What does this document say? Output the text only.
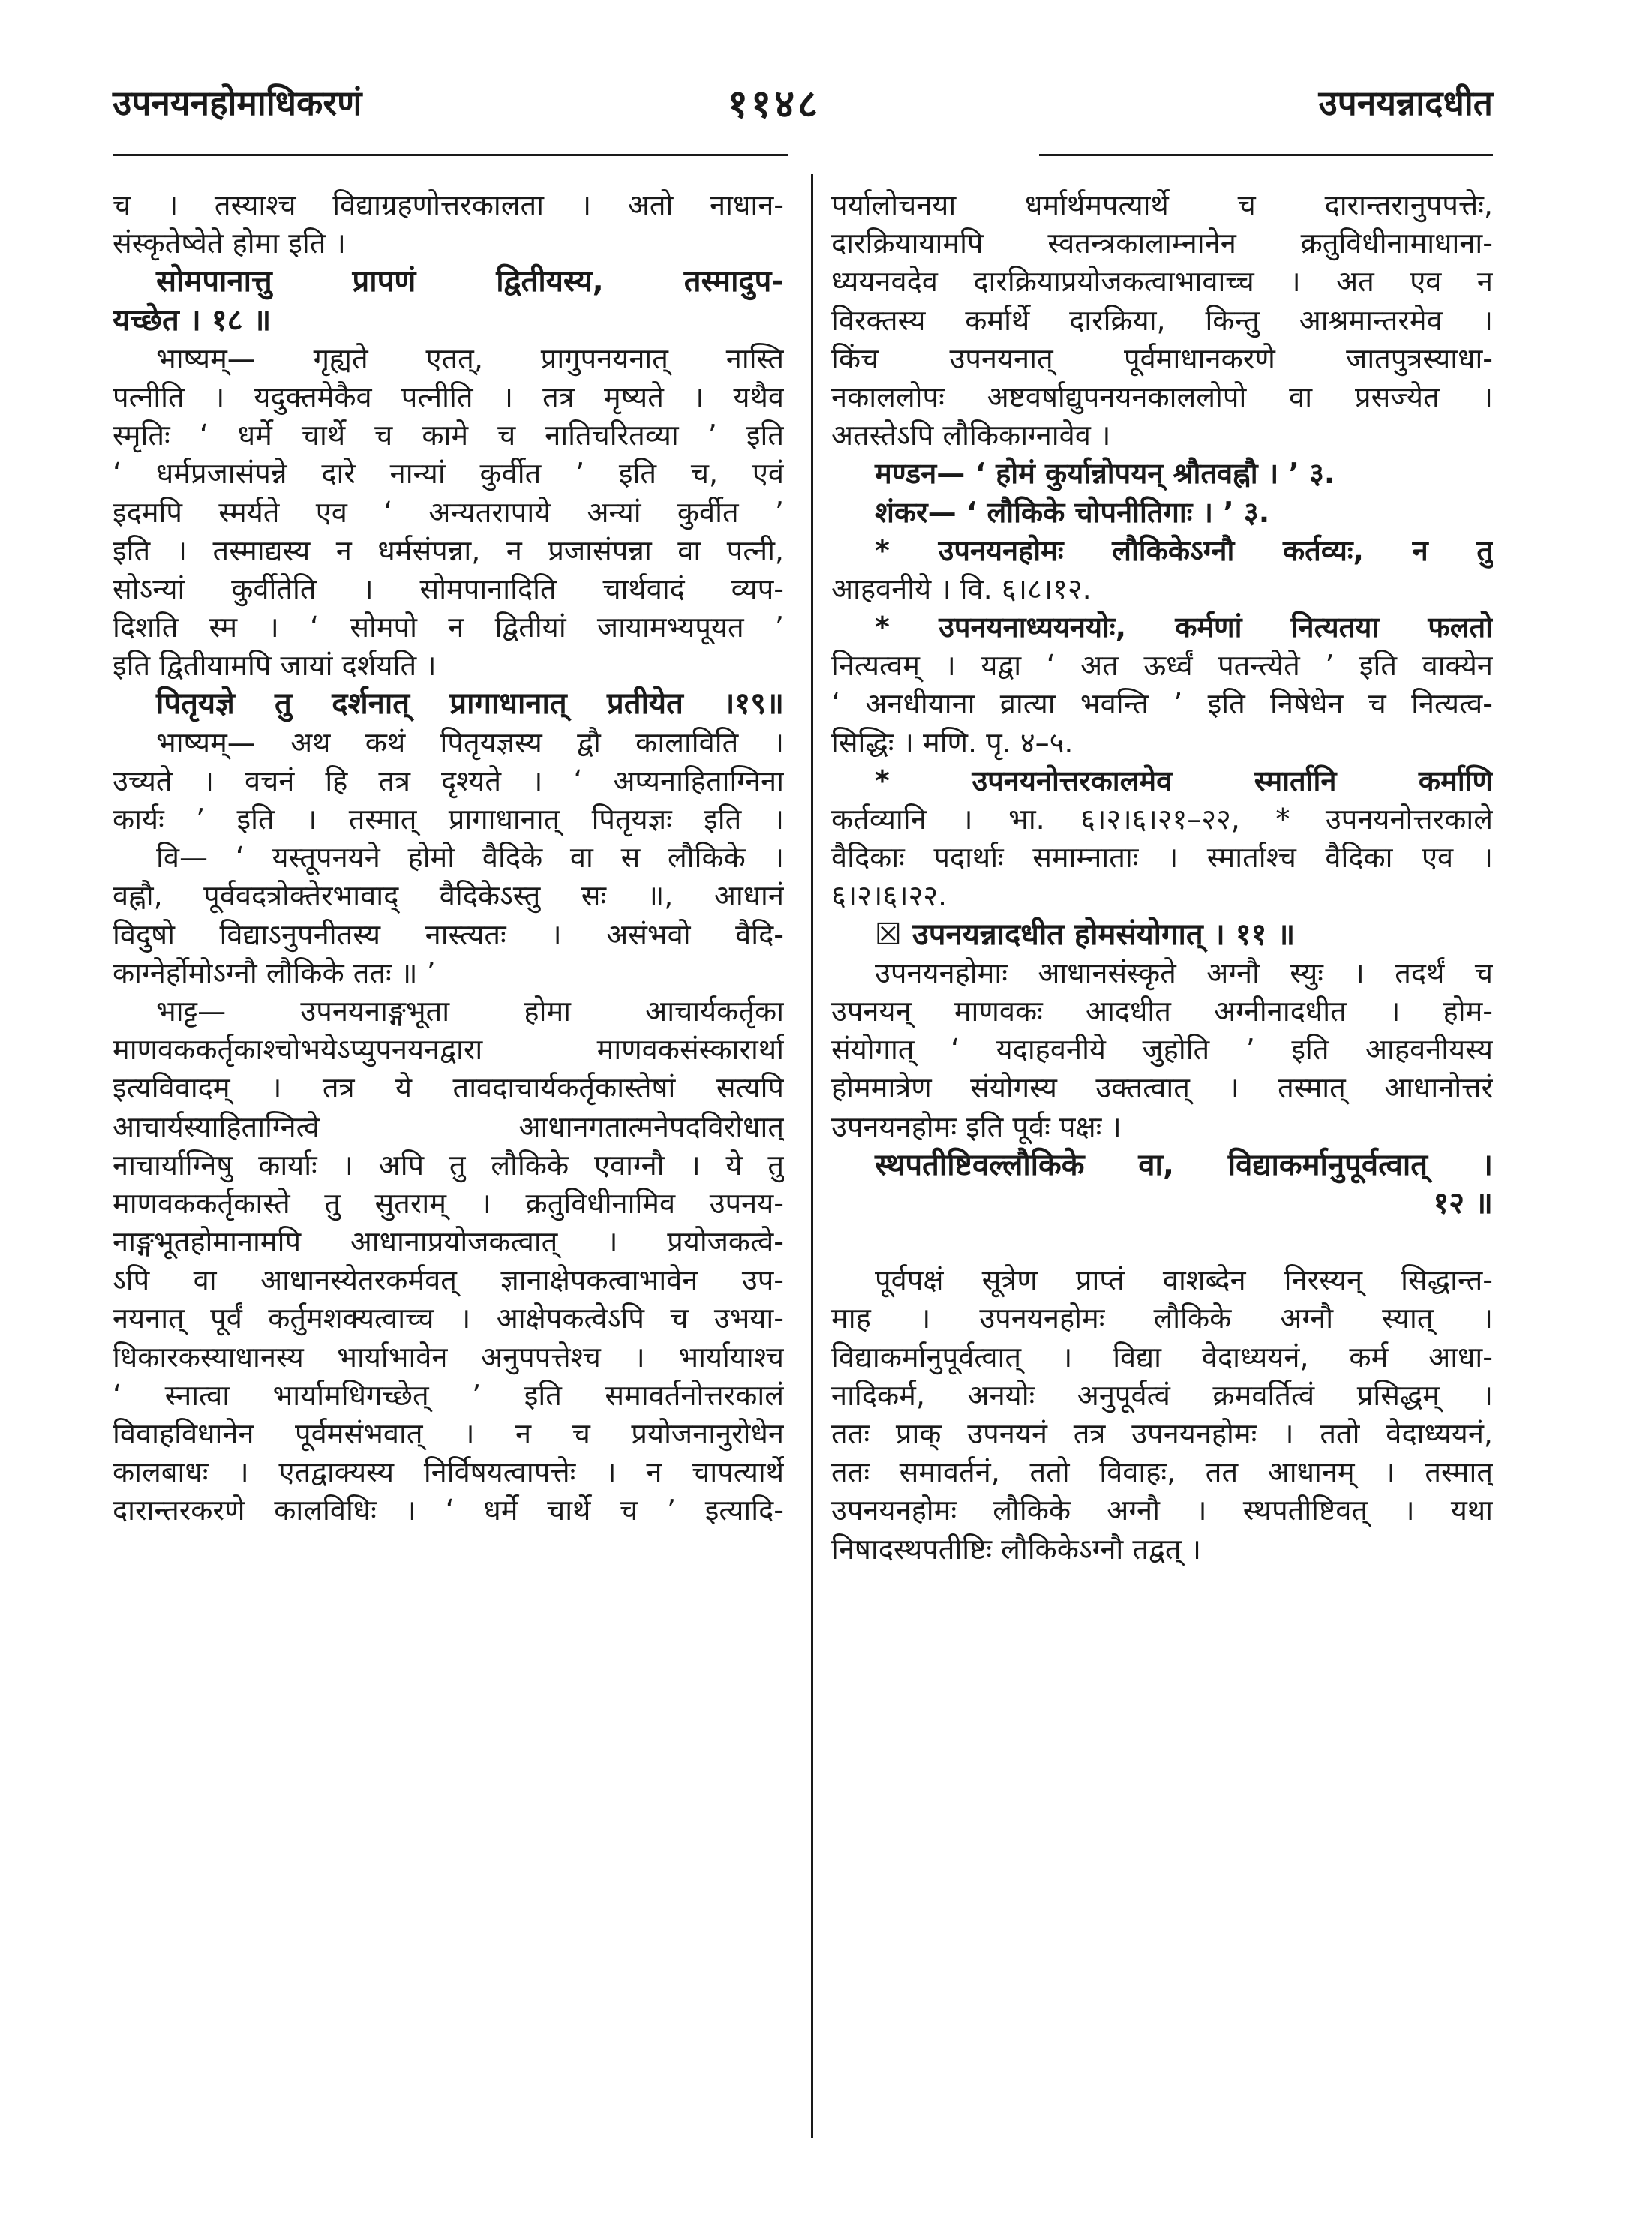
उपनयनहोमाधिकरणं	११४८	उपनयन्नादधीत
च । तस्याश्च विद्याग्रहणोत्तरकालता । अतो नाधान-
संस्कृतेष्वेते होमा इति ।
सोमपानात्तु प्रापणं द्वितीयस्य, तस्मादुप-
यच्छेत । १८ ॥
भाष्यम्— गृह्यते एतत्, प्रागुपनयनात् नास्ति
पत्नीति । यदुक्तमेकैव पत्नीति । तत्र मृष्यते । यथैव
स्मृतिः ‘ धर्मे चार्थे च कामे च नातिचरितव्या ’ इति
‘ धर्मप्रजासंपन्ने दारे नान्यां कुर्वीत ’ इति च, एवं
इदमपि स्मर्यते एव ‘ अन्यतरापाये अन्यां कुर्वीत ’
इति । तस्माद्यस्य न धर्मसंपन्ना, न प्रजासंपन्ना वा पत्नी,
सोऽन्यां कुर्वीतेति । सोमपानादिति चार्थवादं व्यप-
दिशति स्म । ‘ सोमपो न द्वितीयां जायामभ्यपूयत ’
इति द्वितीयामपि जायां दर्शयति ।
पितृयज्ञे तु दर्शनात् प्रागाधानात् प्रतीयेत ।१९॥
भाष्यम्— अथ कथं पितृयज्ञस्य द्वौ कालाविति ।
उच्यते । वचनं हि तत्र दृश्यते । ‘ अप्यनाहिताग्निना
कार्यः ’ इति । तस्मात् प्रागाधानात् पितृयज्ञः इति ।
वि— ‘ यस्तूपनयने होमो वैदिके वा स लौकिके ।
वह्नौ, पूर्ववदत्रोक्तेरभावाद् वैदिकेऽस्तु सः ॥, आधानं
विदुषो विद्याऽनुपनीतस्य नास्त्यतः । असंभवो वैदि-
काग्नेर्होमोऽग्नौ लौकिके ततः ॥ ’
भाट्ट— उपनयनाङ्गभूता होमा आचार्यकर्तृका
माणवककर्तृकाश्चोभयेऽप्युपनयनद्वारा माणवकसंस्कारार्था
इत्यविवादम् । तत्र ये तावदाचार्यकर्तृकास्तेषां सत्यपि
आचार्यस्याहिताग्नित्वे आधानगतात्मनेपदविरोधात्
नाचार्याग्निषु कार्याः । अपि तु लौकिके एवाग्नौ । ये तु
माणवककर्तृकास्ते तु सुतराम् । क्रतुविधीनामिव उपनय-
नाङ्गभूतहोमानामपि आधानाप्रयोजकत्वात् । प्रयोजकत्वे-
ऽपि वा आधानस्येतरकर्मवत् ज्ञानाक्षेपकत्वाभावेन उप-
नयनात् पूर्वं कर्तुमशक्यत्वाच्च । आक्षेपकत्वेऽपि च उभया-
धिकारकस्याधानस्य भार्याभावेन अनुपपत्तेश्च । भार्यायाश्च
‘ स्नात्वा भार्यामधिगच्छेत् ’ इति समावर्तनोत्तरकालं
विवाहविधानेन पूर्वमसंभवात् । न च प्रयोजनानुरोधेन
कालबाधः । एतद्वाक्यस्य निर्विषयत्वापत्तेः । न चापत्यार्थे
दारान्तरकरणे कालविधिः । ‘ धर्मे चार्थे च ’ इत्यादि-
पर्यालोचनया धर्मार्थमपत्यार्थे च दारान्तरानुपपत्तेः,
दारक्रियायामपि स्वतन्त्रकालाम्नानेन क्रतुविधीनामाधाना-
ध्ययनवदेव दारक्रियाप्रयोजकत्वाभावाच्च । अत एव न
विरक्तस्य कर्मार्थे दारक्रिया, किन्तु आश्रमान्तरमेव ।
किंच उपनयनात् पूर्वमाधानकरणे जातपुत्रस्याधा-
नकाललोपः अष्टवर्षाद्युपनयनकाललोपो वा प्रसज्येत ।
अतस्तेऽपि लौकिकाग्नावेव ।
मण्डन— ‘ होमं कुर्यान्नोपयन् श्रौतवह्नौ । ’ ३.
शंकर— ‘ लौकिके चोपनीतिगाः । ’ ३.
* उपनयनहोमः लौकिकेऽग्नौ कर्तव्यः, न तु
आहवनीये । वि. ६।८।१२.
* उपनयनाध्ययनयोः, कर्मणां नित्यतया फलतो
नित्यत्वम् । यद्वा ‘ अत ऊर्ध्वं पतन्त्येते ’ इति वाक्येन
‘ अनधीयाना व्रात्या भवन्ति ’ इति निषेधेन च नित्यत्व-
सिद्धिः । मणि. पृ. ४–५.
* उपनयनोत्तरकालमेव स्मार्तानि कर्माणि
कर्तव्यानि । भा. ६।२।६।२१–२२, * उपनयनोत्तरकाले
वैदिकाः पदार्थाः समाम्नाताः । स्मार्ताश्च वैदिका एव ।
६।२।६।२२.
☒ उपनयन्नादधीत होमसंयोगात् । ११ ॥
उपनयनहोमाः आधानसंस्कृते अग्नौ स्युः । तदर्थं च
उपनयन् माणवकः आदधीत अग्नीनादधीत । होम-
संयोगात् ‘ यदाहवनीये जुहोति ’ इति आहवनीयस्य
होममात्रेण संयोगस्य उक्तत्वात् । तस्मात् आधानोत्तरं
उपनयनहोमः इति पूर्वः पक्षः ।
स्थपतीष्टिवल्लौकिके वा, विद्याकर्मानुपूर्वत्वात् ।
१२ ॥
पूर्वपक्षं सूत्रेण प्राप्तं वाशब्देन निरस्यन् सिद्धान्त-
माह । उपनयनहोमः लौकिके अग्नौ स्यात् ।
विद्याकर्मानुपूर्वत्वात् । विद्या वेदाध्ययनं, कर्म आधा-
नादिकर्म, अनयोः अनुपूर्वत्वं क्रमवर्तित्वं प्रसिद्धम् ।
ततः प्राक् उपनयनं तत्र उपनयनहोमः । ततो वेदाध्ययनं,
ततः समावर्तनं, ततो विवाहः, तत आधानम् । तस्मात्
उपनयनहोमः लौकिके अग्नौ । स्थपतीष्टिवत् । यथा
निषादस्थपतीष्टिः लौकिकेऽग्नौ तद्वत् ।
